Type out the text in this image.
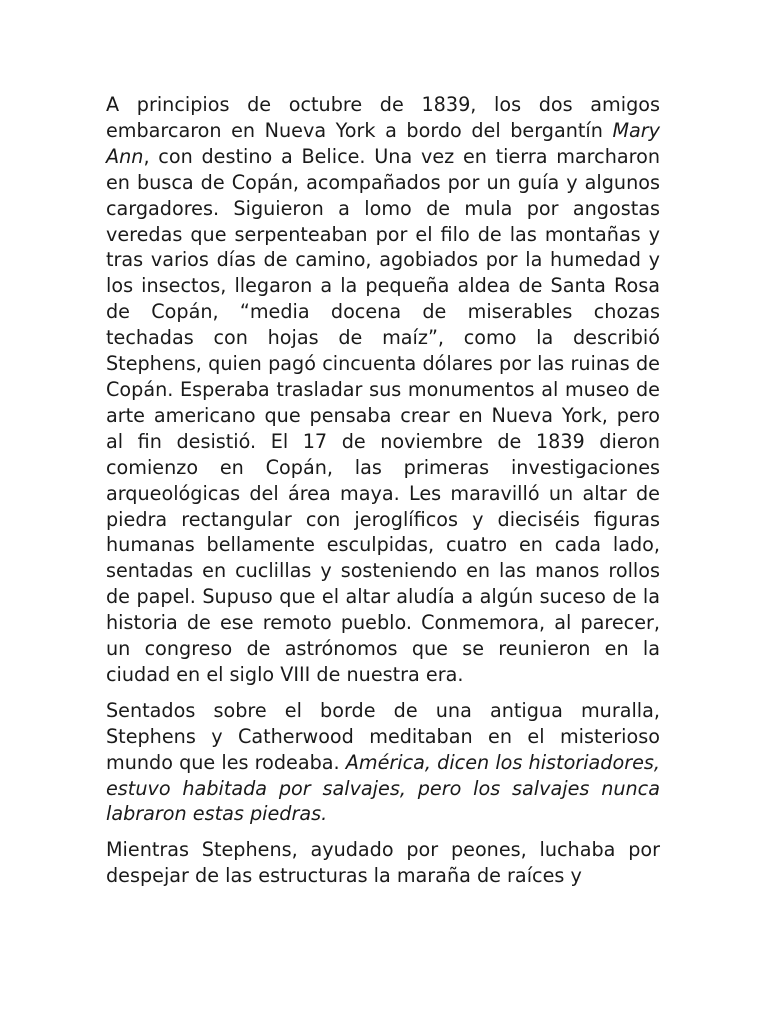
A principios de octubre de 1839, los dos amigos embarcaron en Nueva York a bordo del bergantín Mary Ann, con destino a Belice. Una vez en tierra marcharon en busca de Copán, acompañados por un guía y algunos cargadores. Siguieron a lomo de mula por angostas veredas que serpenteaban por el filo de las montañas y tras varios días de camino, agobiados por la humedad y los insectos, llegaron a la pequeña aldea de Santa Rosa de Copán, “media docena de miserables chozas techadas con hojas de maíz”, como la describió Stephens, quien pagó cincuenta dólares por las ruinas de Copán. Esperaba trasladar sus monumentos al museo de arte americano que pensaba crear en Nueva York, pero al fin desistió. El 17 de noviembre de 1839 dieron comienzo en Copán, las primeras investigaciones arqueológicas del área maya. Les maravilló un altar de piedra rectangular con jeroglíficos y dieciséis figuras humanas bellamente esculpidas, cuatro en cada lado, sentadas en cuclillas y sosteniendo en las manos rollos de papel. Supuso que el altar aludía a algún suceso de la historia de ese remoto pueblo. Conmemora, al parecer, un congreso de astrónomos que se reunieron en la ciudad en el siglo VIII de nuestra era.

Sentados sobre el borde de una antigua muralla, Stephens y Catherwood meditaban en el misterioso mundo que les rodeaba. América, dicen los historiadores, estuvo habitada por salvajes, pero los salvajes nunca labraron estas piedras.

Mientras Stephens, ayudado por peones, luchaba por despejar de las estructuras la maraña de raíces y
